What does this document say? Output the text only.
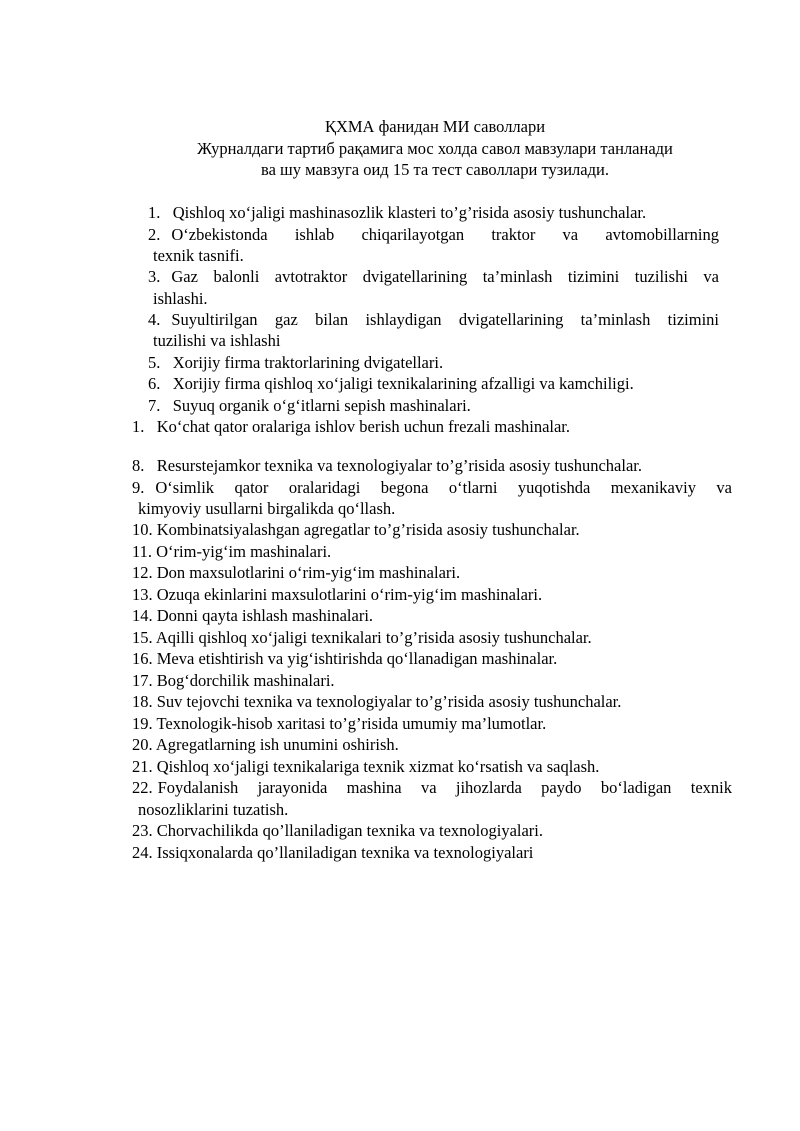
ҚХМА фанидан МИ саволлари
Журналдаги тартиб рақамига мос холда савол мавзулари танланади
ва шу мавзуга оид 15 та тест саволлари тузилади.
1. Qishloq xo‘jaligi mashinasozlik klasteri to’g’risida asosiy tushunchalar.
2. O‘zbekistonda ishlab chiqarilayotgan traktor va avtomobillarning
texnik tasnifi.
3. Gaz balonli avtotraktor dvigatellarining ta’minlash tizimini tuzilishi va
ishlashi.
4. Suyultirilgan gaz bilan ishlaydigan dvigatellarining ta’minlash tizimini
tuzilishi va ishlashi
5. Xorijiy firma traktorlarining dvigatellari.
6. Xorijiy firma qishloq xo‘jaligi texnikalarining afzalligi va kamchiligi.
7. Suyuq organik o‘g‘itlarni sepish mashinalari.
1. Ko‘chat qator oralariga ishlov berish uchun frezali mashinalar.
8. Resurstejamkor texnika va texnologiyalar to’g’risida asosiy tushunchalar.
9. O‘simlik qator oralaridagi begona o‘tlarni yuqotishda mexanikaviy va
kimyoviy usullarni birgalikda qo‘llash.
10. Kombinatsiyalashgan agregatlar to’g’risida asosiy tushunchalar.
11. O‘rim-yig‘im mashinalari.
12. Don maxsulotlarini o‘rim-yig‘im mashinalari.
13. Ozuqa ekinlarini maxsulotlarini o‘rim-yig‘im mashinalari.
14. Donni qayta ishlash mashinalari.
15. Aqilli qishloq xo‘jaligi texnikalari to’g’risida asosiy tushunchalar.
16. Meva etishtirish va yig‘ishtirishda qo‘llanadigan mashinalar.
17. Bog‘dorchilik mashinalari.
18. Suv tejovchi texnika va texnologiyalar to’g’risida asosiy tushunchalar.
19. Texnologik-hisob xaritasi to’g’risida umumiy ma’lumotlar.
20. Agregatlarning ish unumini oshirish.
21. Qishloq xo‘jaligi texnikalariga texnik xizmat ko‘rsatish va saqlash.
22. Foydalanish jarayonida mashina va jihozlarda paydo bo‘ladigan texnik
nosozliklarini tuzatish.
23. Chorvachilikda qo’llaniladigan texnika va texnologiyalari.
24. Issiqxonalarda qo’llaniladigan texnika va texnologiyalari
